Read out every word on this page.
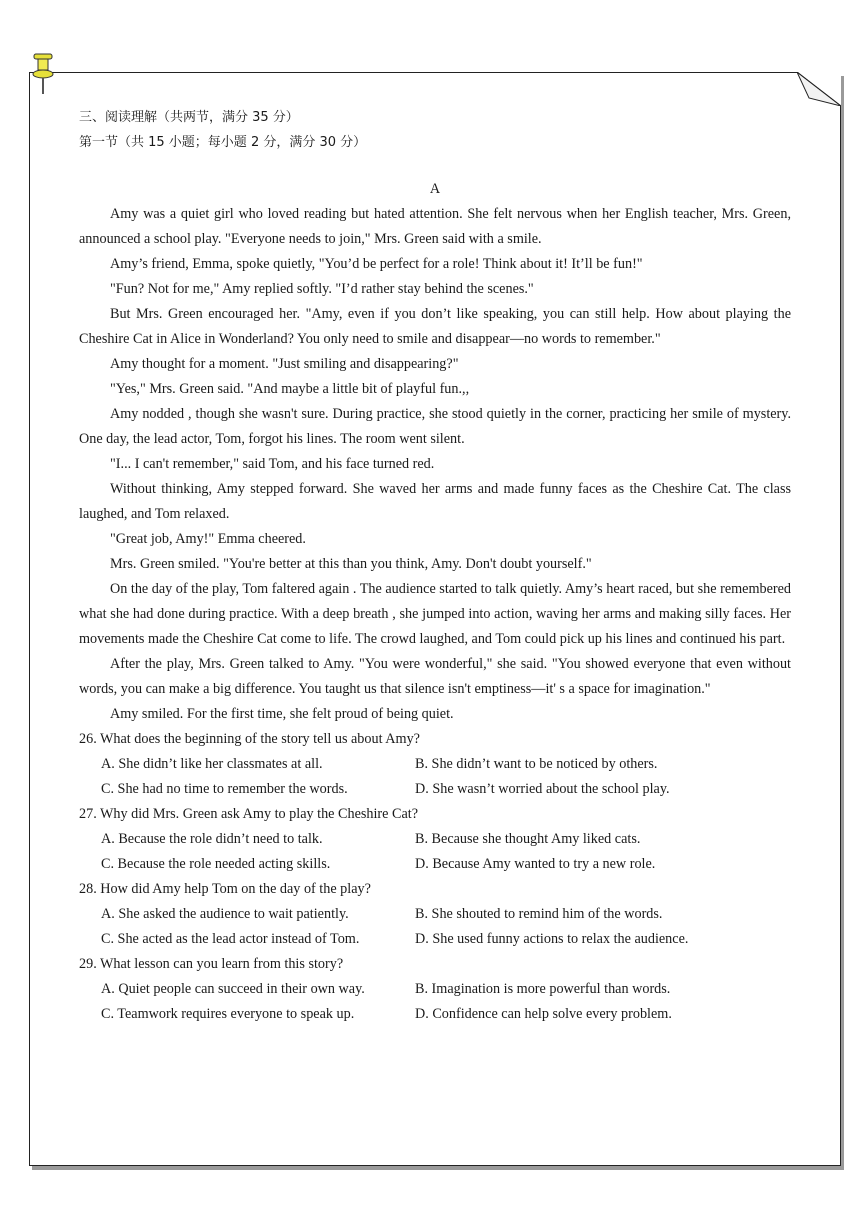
三、阅读理解（共两节，满分 35 分）

第一节（共 15 小题；每小题 2 分，满分 30 分）

A

Amy was a quiet girl who loved reading but hated attention. She felt nervous when her English teacher, Mrs. Green, announced a school play. "Everyone needs to join," Mrs. Green said with a smile.

Amy’s friend, Emma, spoke quietly, "You’d be perfect for a role! Think about it! It’ll be fun!"

"Fun? Not for me," Amy replied softly. "I’d rather stay behind the scenes."

But Mrs. Green encouraged her. "Amy, even if you don’t like speaking, you can still help. How about playing the Cheshire Cat in Alice in Wonderland? You only need to smile and disappear—no words to remember."

Amy thought for a moment. "Just smiling and disappearing?"

"Yes," Mrs. Green said. "And maybe a little bit of playful fun.,,

Amy nodded , though she wasn't sure. During practice, she stood quietly in the corner, practicing her smile of mystery. One day, the lead actor, Tom, forgot his lines. The room went silent.

"I... I can't remember," said Tom, and his face turned red.

Without thinking, Amy stepped forward. She waved her arms and made funny faces as the Cheshire Cat. The class laughed, and Tom relaxed.

"Great job, Amy!" Emma cheered.

Mrs. Green smiled. "You're better at this than you think, Amy. Don't doubt yourself."

On the day of the play, Tom faltered again . The audience started to talk quietly. Amy’s heart raced, but she remembered what she had done during practice. With a deep breath , she jumped into action, waving her arms and making silly faces. Her movements made the Cheshire Cat come to life. The crowd laughed, and Tom could pick up his lines and continued his part.

After the play, Mrs. Green talked to Amy. "You were wonderful," she said. "You showed everyone that even without words, you can make a big difference. You taught us that silence isn't emptiness—it' s a space for imagination."

Amy smiled. For the first time, she felt proud of being quiet.

26. What does the beginning of the story tell us about Amy?

A. She didn’t like her classmates at all.	B. She didn’t want to be noticed by others.

C. She had no time to remember the words.	D. She wasn’t worried about the school play.

27. Why did Mrs. Green ask Amy to play the Cheshire Cat?

A. Because the role didn’t need to talk.	B. Because she thought Amy liked cats.

C. Because the role needed acting skills.	D. Because Amy wanted to try a new role.

28. How did Amy help Tom on the day of the play?

A. She asked the audience to wait patiently.	B. She shouted to remind him of the words.

C. She acted as the lead actor instead of Tom.	D. She used funny actions to relax the audience.

29. What lesson can you learn from this story?

A. Quiet people can succeed in their own way.	B. Imagination is more powerful than words.

C. Teamwork requires everyone to speak up.	D. Confidence can help solve every problem.
